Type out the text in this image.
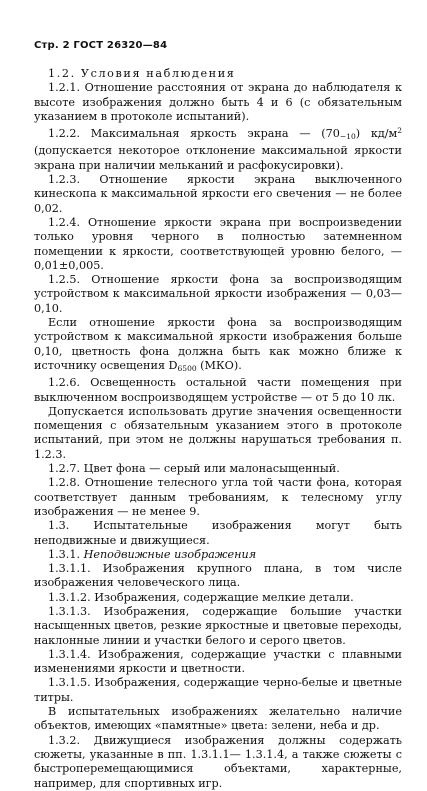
Стр. 2 ГОСТ 26320—84

1.2. Условия наблюдения

1.2.1. Отношение расстояния от экрана до наблюдателя к высоте изображения должно быть 4 и 6 (с обязательным указанием в протоколе испытаний).

1.2.2. Максимальная яркость экрана — $(70_{-10})$ $кд/м^2$ (допускается некоторое отклонение максимальной яркости экрана при наличии мельканий и расфокусировки).

1.2.3. Отношение яркости экрана выключенного кинескопа к максимальной яркости его свечения — не более 0,02.

1.2.4. Отношение яркости экрана при воспроизведении только уровня черного в полностью затемненном помещении к яркости, соответствующей уровню белого, — 0,01±0,005.

1.2.5. Отношение яркости фона за воспроизводящим устройством к максимальной яркости изображения — 0,03—0,10.

Если отношение яркости фона за воспроизводящим устройством к максимальной яркости изображения больше 0,10, цветность фона должна быть как можно ближе к источнику освещения $D_{6500}$ (МКО).

1.2.6. Освещенность остальной части помещения при выключенном воспроизводящем устройстве — от 5 до 10 лк.

Допускается использовать другие значения освещенности помещения с обязательным указанием этого в протоколе испытаний, при этом не должны нарушаться требования п. 1.2.3.

1.2.7. Цвет фона — серый или малонасыщенный.

1.2.8. Отношение телесного угла той части фона, которая соответствует данным требованиям, к телесному углу изображения — не менее 9.

1.3. Испытательные изображения могут быть неподвижные и движущиеся.

1.3.1. Неподвижные изображения

1.3.1.1. Изображения крупного плана, в том числе изображения человеческого лица.

1.3.1.2. Изображения, содержащие мелкие детали.

1.3.1.3. Изображения, содержащие большие участки насыщенных цветов, резкие яркостные и цветовые переходы, наклонные линии и участки белого и серого цветов.

1.3.1.4. Изображения, содержащие участки с плавными изменениями яркости и цветности.

1.3.1.5. Изображения, содержащие черно-белые и цветные титры.

В испытательных изображениях желательно наличие объектов, имеющих «памятные» цвета: зелени, неба и др.

1.3.2. Движущиеся изображения должны содержать сюжеты, указанные в пп. 1.3.1.1— 1.3.1.4, а также сюжеты с быстроперемещающимися объектами, характерные, например, для спортивных игр.
